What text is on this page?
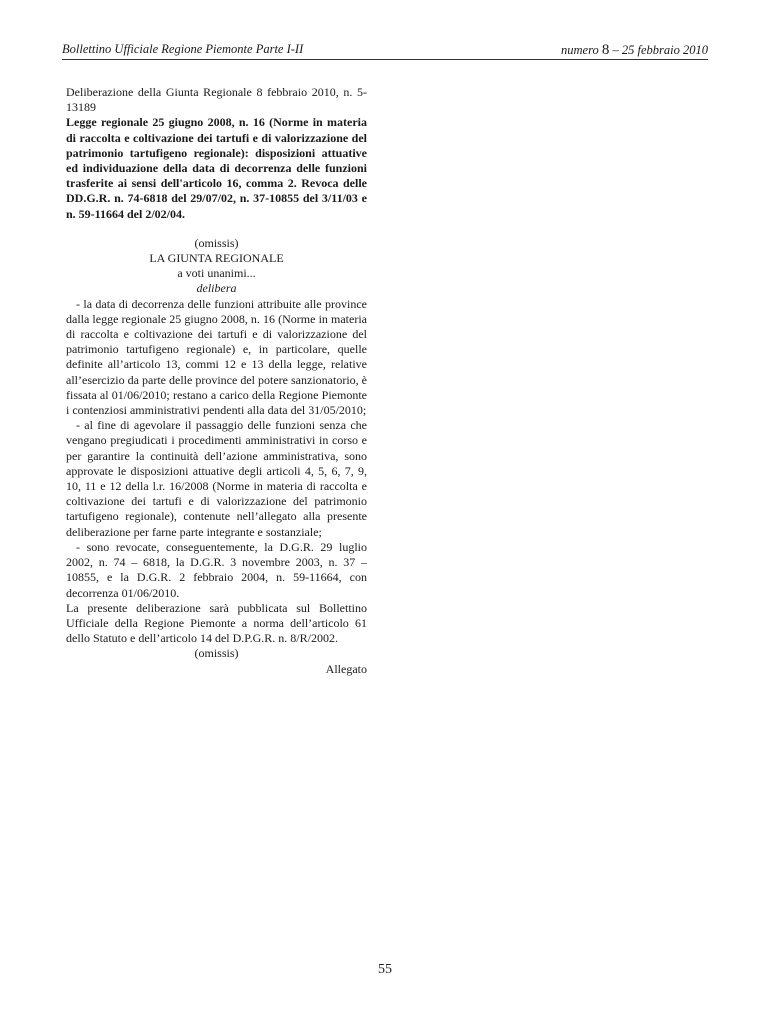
Bollettino Ufficiale Regione Piemonte Parte I-II	numero 8 – 25 febbraio 2010

Deliberazione della Giunta Regionale 8 febbraio 2010, n. 5-13189

Legge regionale 25 giugno 2008, n. 16 (Norme in materia di raccolta e coltivazione dei tartufi e di valorizzazione del patrimonio tartufigeno regionale): disposizioni attuative ed individuazione della data di decorrenza delle funzioni trasferite ai sensi dell'articolo 16, comma 2. Revoca delle DD.G.R. n. 74-6818 del 29/07/02, n. 37-10855 del 3/11/03 e n. 59-11664 del 2/02/04.

(omissis)

LA GIUNTA REGIONALE

a voti unanimi...

delibera

- la data di decorrenza delle funzioni attribuite alle province dalla legge regionale 25 giugno 2008, n. 16 (Norme in materia di raccolta e coltivazione dei tartufi e di valorizzazione del patrimonio tartufigeno regionale) e, in particolare, quelle definite all’articolo 13, commi 12 e 13 della legge, relative all’esercizio da parte delle province del potere sanzionatorio, è fissata al 01/06/2010; restano a carico della Regione Piemonte i contenziosi amministrativi pendenti alla data del 31/05/2010;

- al fine di agevolare il passaggio delle funzioni senza che vengano pregiudicati i procedimenti amministrativi in corso e per garantire la continuità dell’azione amministrativa, sono approvate le disposizioni attuative degli articoli 4, 5, 6, 7, 9, 10, 11 e 12 della l.r. 16/2008 (Norme in materia di raccolta e coltivazione dei tartufi e di valorizzazione del patrimonio tartufigeno regionale), contenute nell’allegato alla presente deliberazione per farne parte integrante e sostanziale;

- sono revocate, conseguentemente, la D.G.R. 29 luglio 2002, n. 74 – 6818, la D.G.R. 3 novembre 2003, n. 37 – 10855, e la D.G.R. 2 febbraio 2004, n. 59-11664, con decorrenza 01/06/2010.

La presente deliberazione sarà pubblicata sul Bollettino Ufficiale della Regione Piemonte a norma dell’articolo 61 dello Statuto e dell’articolo 14 del D.P.G.R. n. 8/R/2002.

(omissis)

Allegato

55
